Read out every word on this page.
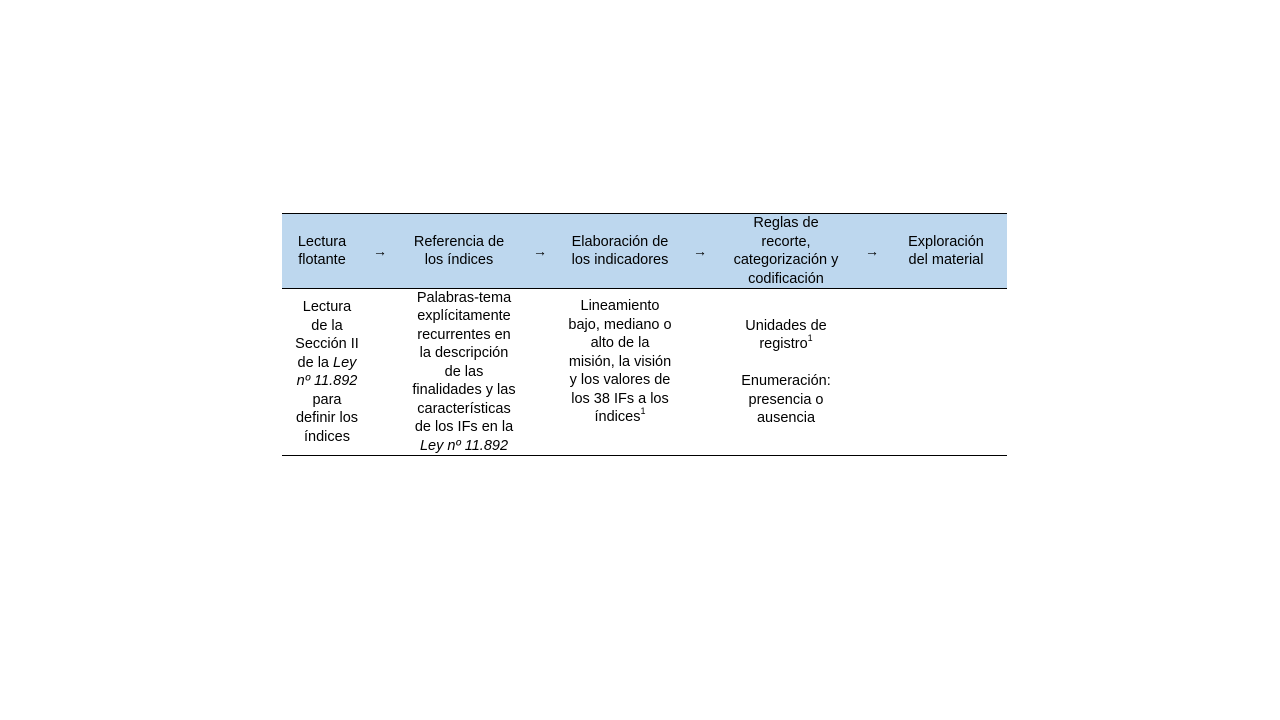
Lectura
flotante
→
Referencia de
los índices
→
Elaboración de
los indicadores
→
Reglas de
recorte,
categorización y
codificación
→
Exploración
del material
Lectura
de la
Sección II
de la Ley
nº 11.892
para
definir los
índices
Palabras-tema
explícitamente
recurrentes en
la descripción
de las
finalidades y las
características
de los IFs en la
Ley nº 11.892
Lineamiento
bajo, mediano o
alto de la
misión, la visión
y los valores de
los 38 IFs a los
índices$^1$
Unidades de
registro$^1$
Enumeración:
presencia o
ausencia
